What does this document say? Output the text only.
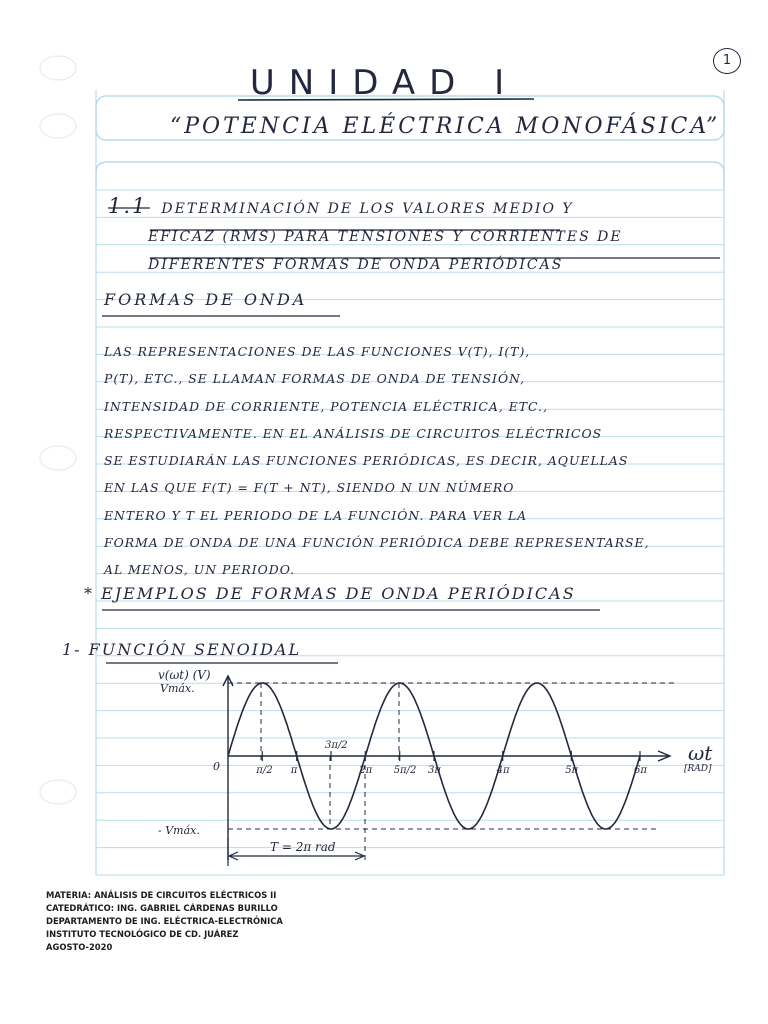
1
UNIDAD I
“POTENCIA ELÉCTRICA MONOFÁSICA”
1.1 DETERMINACIÓN DE LOS VALORES MEDIO Y
EFICAZ (RMS) PARA TENSIONES Y CORRIENTES DE
DIFERENTES FORMAS DE ONDA PERIÓDICAS
FORMAS DE ONDA
LAS REPRESENTACIONES DE LAS FUNCIONES V(T), I(T),
P(T), ETC., SE LLAMAN FORMAS DE ONDA DE TENSIÓN,
INTENSIDAD DE CORRIENTE, POTENCIA ELÉCTRICA, ETC.,
RESPECTIVAMENTE. EN EL ANÁLISIS DE CIRCUITOS ELÉCTRICOS
SE ESTUDIARÁN LAS FUNCIONES PERIÓDICAS, ES DECIR, AQUELLAS
EN LAS QUE F(T) = F(T + NT), SIENDO N UN NÚMERO
ENTERO Y T EL PERIODO DE LA FUNCIÓN. PARA VER LA
FORMA DE ONDA DE UNA FUNCIÓN PERIÓDICA DEBE REPRESENTARSE,
AL MENOS, UN PERIODO.
* EJEMPLOS DE FORMAS DE ONDA PERIÓDICAS
1- FUNCIÓN SENOIDAL
v(ωt) (V)
Vmáx.
- Vmáx.
0
ωt
[RAD]
T = 2π rad
π/2 π
3π/2
2π 5π/2 3π	4π	5π	6π
MATERIA: ANÁLISIS DE CIRCUITOS ELÉCTRICOS II
CATEDRÁTICO: ING. GABRIEL CÁRDENAS BURILLO
DEPARTAMENTO DE ING. ELÉCTRICA-ELECTRÓNICA
INSTITUTO TECNOLÓGICO DE CD. JUÁREZ
AGOSTO-2020
